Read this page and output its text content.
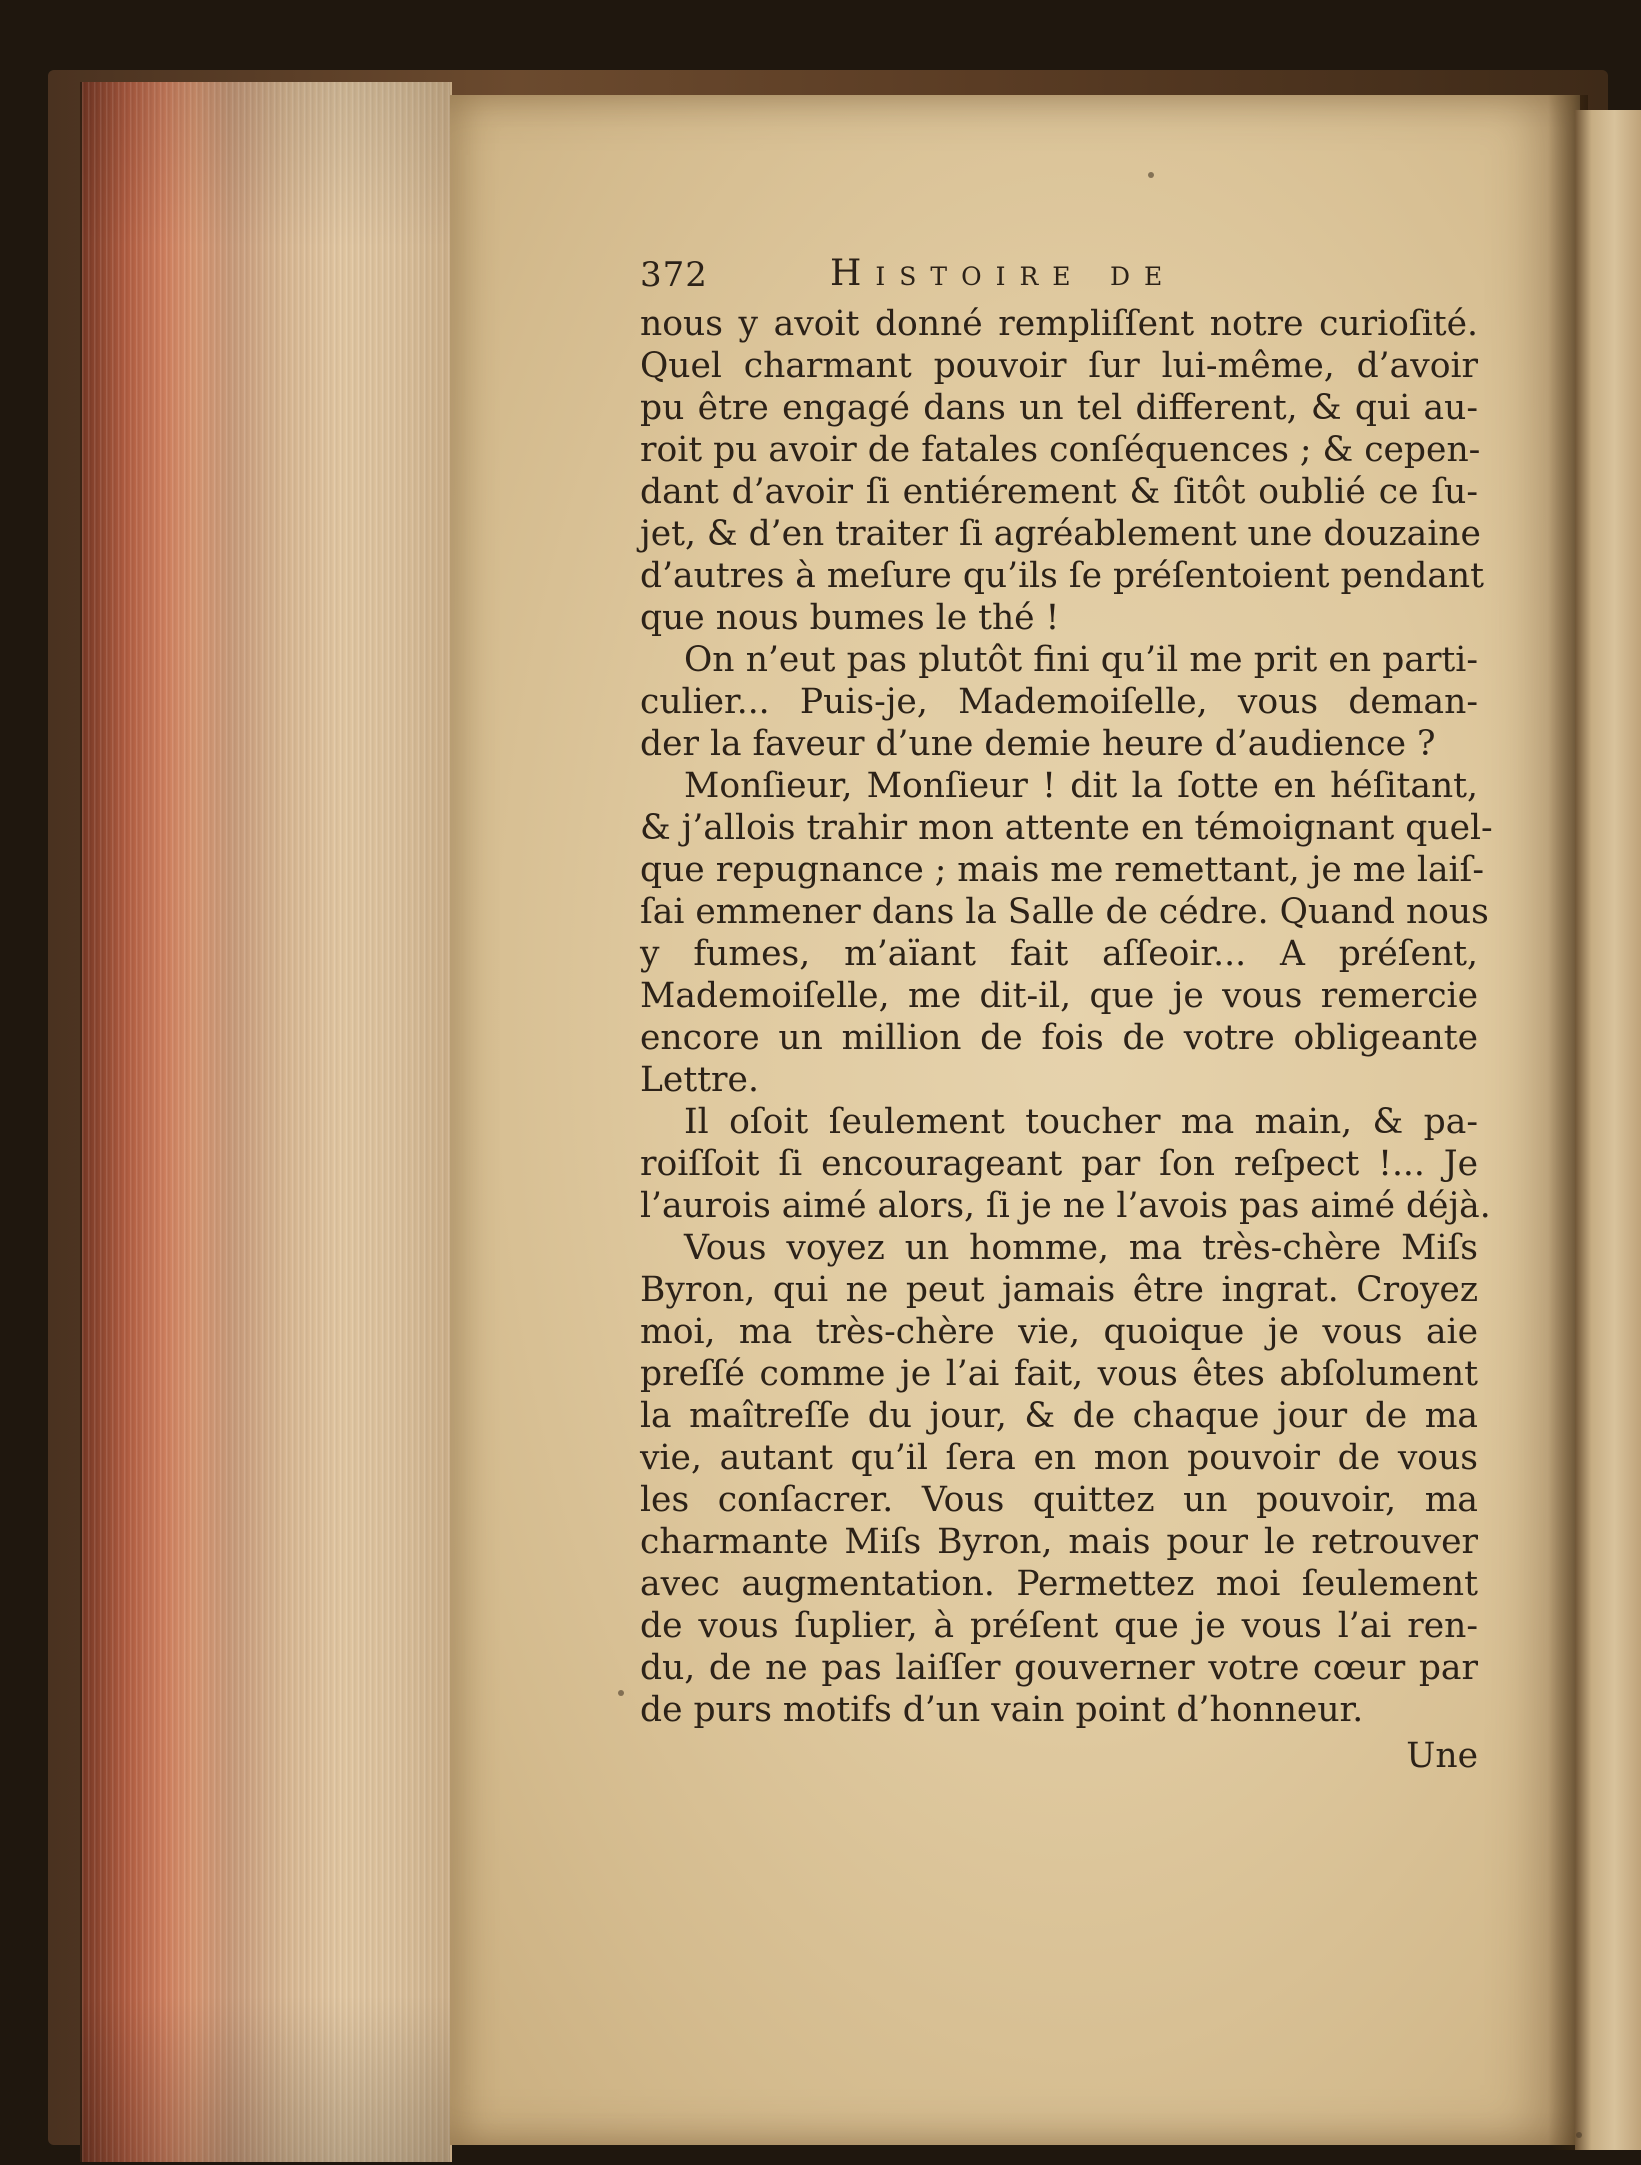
372	Histoire de

nous y avoit donné rempliſſent notre curioſité.

Quel charmant pouvoir ſur lui-même, d’avoir

pu être engagé dans un tel different, & qui au-

roit pu avoir de fatales conſéquences ; & cepen-

dant d’avoir ſi entiérement & ſitôt oublié ce ſu-

jet, & d’en traiter ſi agréablement une douzaine

d’autres à meſure qu’ils ſe préſentoient pendant

que nous bumes le thé !

On n’eut pas plutôt fini qu’il me prit en parti-

culier... Puis-je, Mademoiſelle, vous deman-

der la faveur d’une demie heure d’audience ?

Monſieur, Monſieur ! dit la ſotte en héſitant,

& j’allois trahir mon attente en témoignant quel-

que repugnance ; mais me remettant, je me laiſ-

ſai emmener dans la Salle de cédre. Quand nous

y fumes, m’aïant fait aſſeoir... A préſent,

Mademoiſelle, me dit-il, que je vous remercie

encore un million de fois de votre obligeante

Lettre.

Il oſoit ſeulement toucher ma main, & pa-

roiſſoit ſi encourageant par ſon reſpect !... Je

l’aurois aimé alors, ſi je ne l’avois pas aimé déjà.

Vous voyez un homme, ma très-chère Miſs

Byron, qui ne peut jamais être ingrat. Croyez

moi, ma très-chère vie, quoique je vous aie

preſſé comme je l’ai fait, vous êtes abſolument

la maîtreſſe du jour, & de chaque jour de ma

vie, autant qu’il ſera en mon pouvoir de vous

les conſacrer. Vous quittez un pouvoir, ma

charmante Miſs Byron, mais pour le retrouver

avec augmentation. Permettez moi ſeulement

de vous ſuplier, à préſent que je vous l’ai ren-

du, de ne pas laiſſer gouverner votre cœur par

de purs motifs d’un vain point d’honneur.

Une
